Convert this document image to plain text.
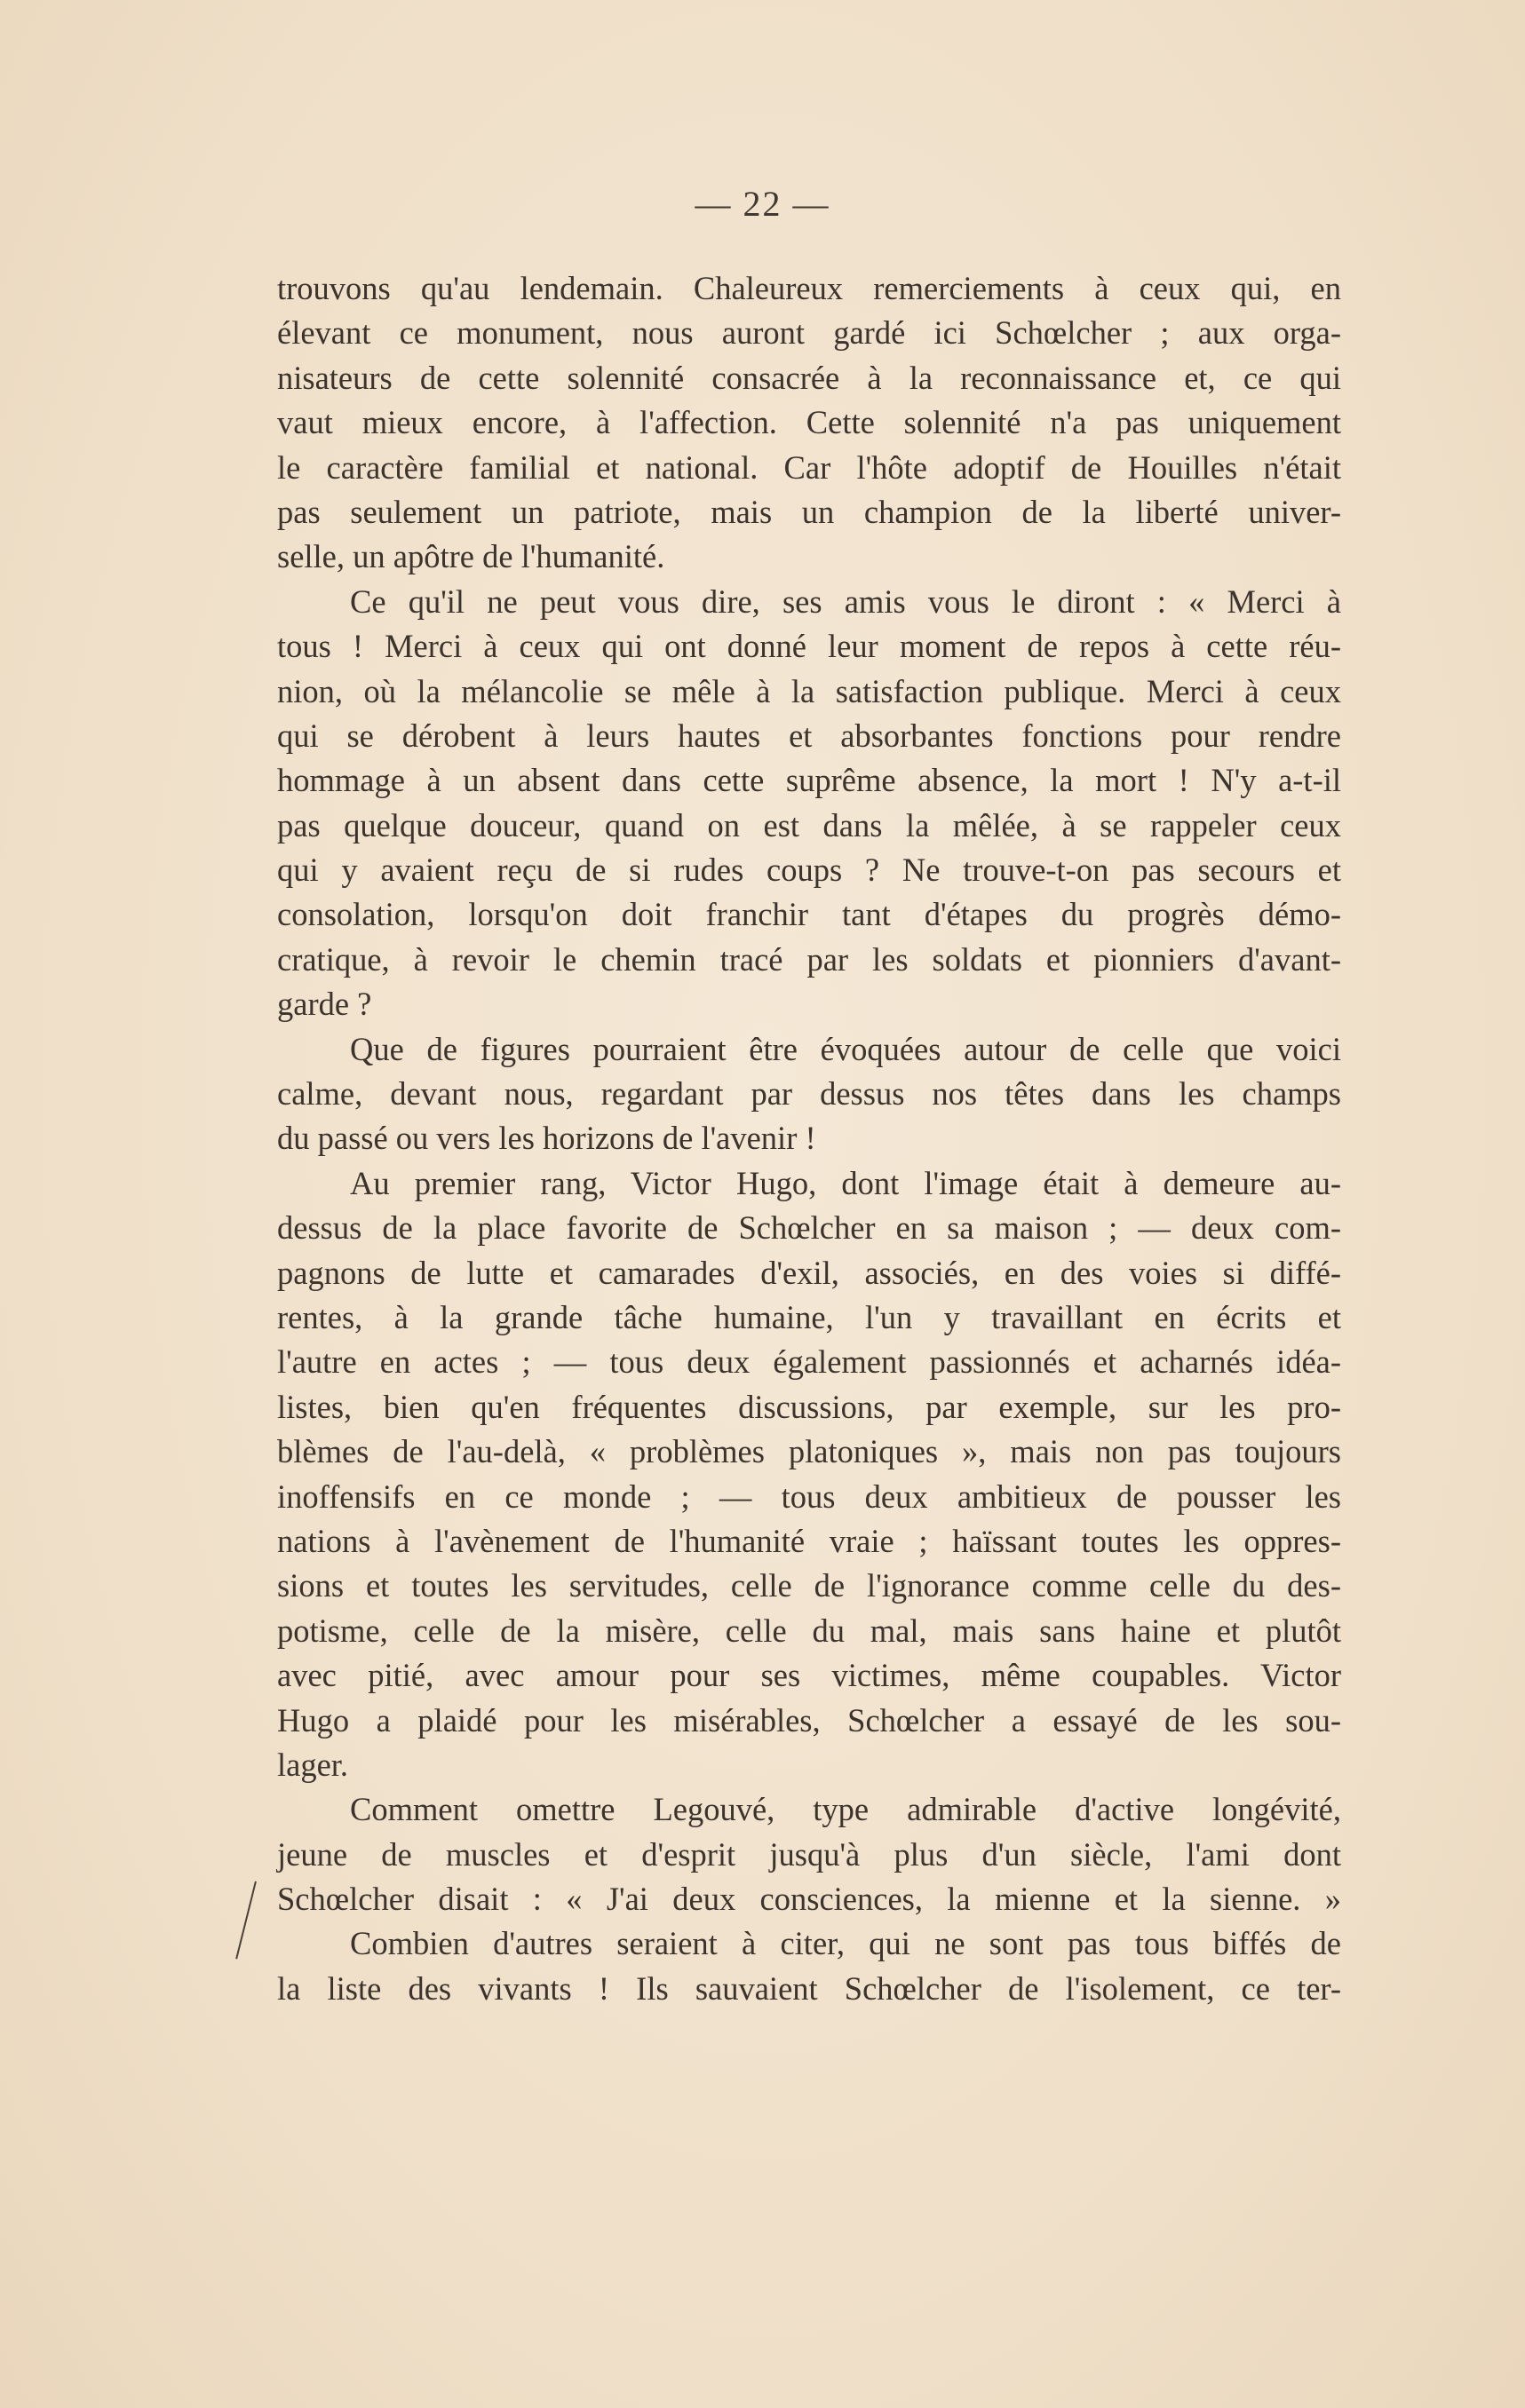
— 22 —
trouvons qu'au lendemain. Chaleureux remerciements à ceux qui, en
élevant ce monument, nous auront gardé ici Schœlcher ; aux orga-
nisateurs de cette solennité consacrée à la reconnaissance et, ce qui
vaut mieux encore, à l'affection. Cette solennité n'a pas uniquement
le caractère familial et national. Car l'hôte adoptif de Houilles n'était
pas seulement un patriote, mais un champion de la liberté univer-
selle, un apôtre de l'humanité.
Ce qu'il ne peut vous dire, ses amis vous le diront : « Merci à
tous ! Merci à ceux qui ont donné leur moment de repos à cette réu-
nion, où la mélancolie se mêle à la satisfaction publique. Merci à ceux
qui se dérobent à leurs hautes et absorbantes fonctions pour rendre
hommage à un absent dans cette suprême absence, la mort ! N'y a-t-il
pas quelque douceur, quand on est dans la mêlée, à se rappeler ceux
qui y avaient reçu de si rudes coups ? Ne trouve-t-on pas secours et
consolation, lorsqu'on doit franchir tant d'étapes du progrès démo-
cratique, à revoir le chemin tracé par les soldats et pionniers d'avant-
garde ?
Que de figures pourraient être évoquées autour de celle que voici
calme, devant nous, regardant par dessus nos têtes dans les champs
du passé ou vers les horizons de l'avenir !
Au premier rang, Victor Hugo, dont l'image était à demeure au-
dessus de la place favorite de Schœlcher en sa maison ; — deux com-
pagnons de lutte et camarades d'exil, associés, en des voies si diffé-
rentes, à la grande tâche humaine, l'un y travaillant en écrits et
l'autre en actes ; — tous deux également passionnés et acharnés idéa-
listes, bien qu'en fréquentes discussions, par exemple, sur les pro-
blèmes de l'au-delà, « problèmes platoniques », mais non pas toujours
inoffensifs en ce monde ; — tous deux ambitieux de pousser les
nations à l'avènement de l'humanité vraie ; haïssant toutes les oppres-
sions et toutes les servitudes, celle de l'ignorance comme celle du des-
potisme, celle de la misère, celle du mal, mais sans haine et plutôt
avec pitié, avec amour pour ses victimes, même coupables. Victor
Hugo a plaidé pour les misérables, Schœlcher a essayé de les sou-
lager.
Comment omettre Legouvé, type admirable d'active longévité,
jeune de muscles et d'esprit jusqu'à plus d'un siècle, l'ami dont
Schœlcher disait : « J'ai deux consciences, la mienne et la sienne. »
Combien d'autres seraient à citer, qui ne sont pas tous biffés de
la liste des vivants ! Ils sauvaient Schœlcher de l'isolement, ce ter-
